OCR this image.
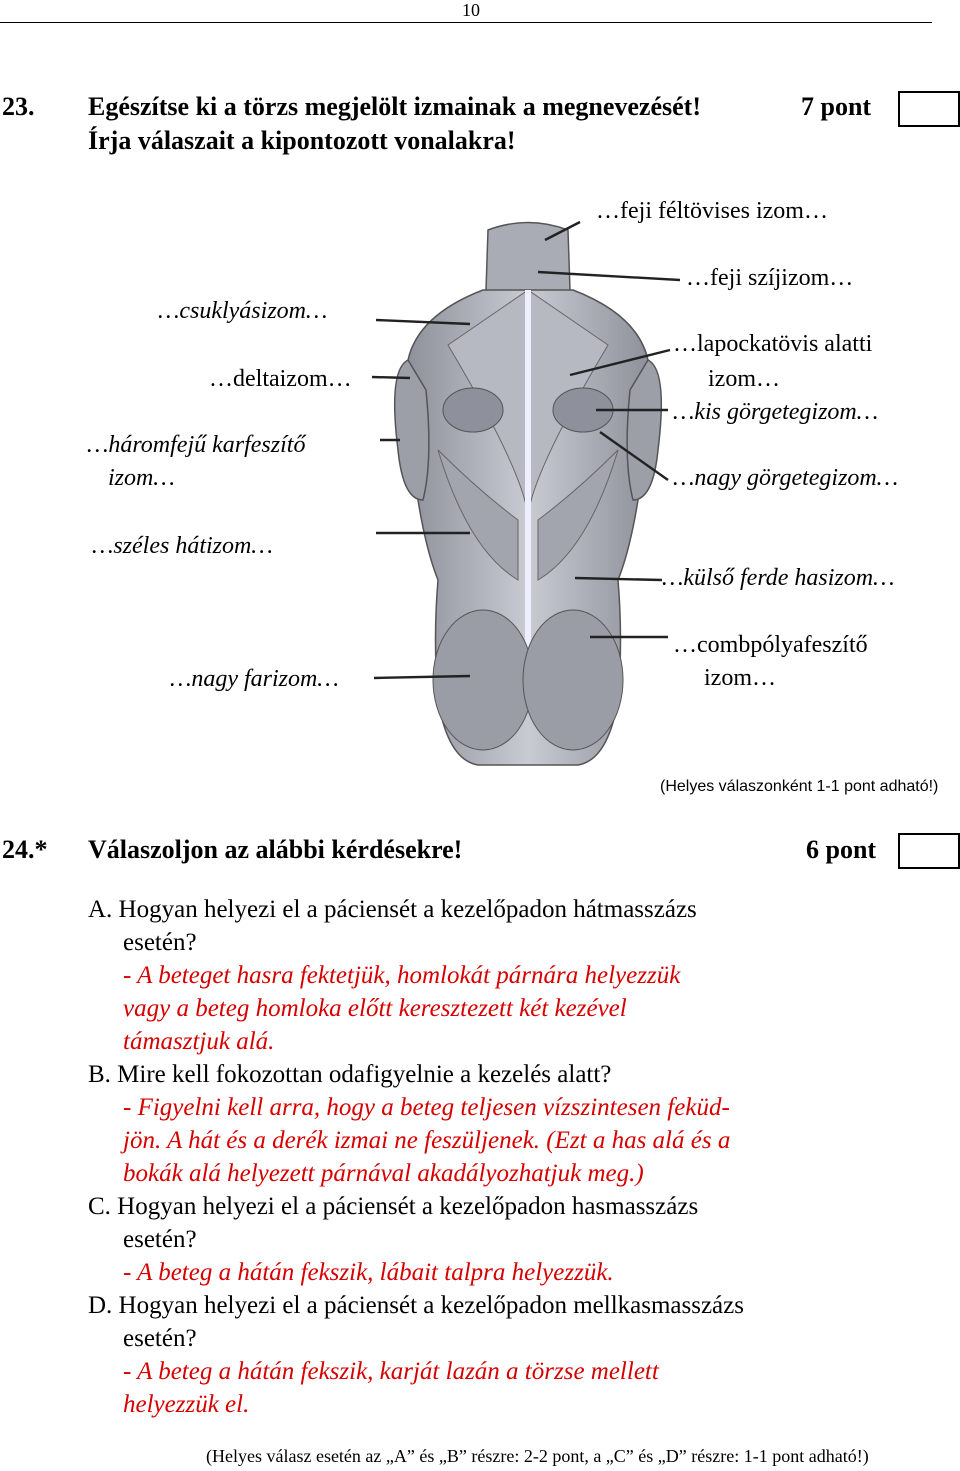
10
23. Egészítse ki a törzs megjelölt izmainak a megnevezését!	7 pont
Írja válaszait a kipontozott vonalakra!
…csuklyásizom…
…deltaizom…
…háromfejű karfeszítő
izom…
…széles hátizom…
…nagy farizom…
…feji féltövises izom…
…feji szíjizom…
…lapockatövis alatti
izom…
…kis görgetegizom…
…nagy görgetegizom…
…külső ferde hasizom…
…combpólyafeszítő
izom…
(Helyes válaszonként 1-1 pont adható!)
24.* Válaszoljon az alábbi kérdésekre!	6 pont
A. Hogyan helyezi el a páciensét a kezelőpadon hátmasszázs
esetén?
- A beteget hasra fektetjük, homlokát párnára helyezzük
vagy a beteg homloka előtt keresztezett két kezével
támasztjuk alá.
B. Mire kell fokozottan odafigyelnie a kezelés alatt?
- Figyelni kell arra, hogy a beteg teljesen vízszintesen feküd-
jön. A hát és a derék izmai ne feszüljenek. (Ezt a has alá és a
bokák alá helyezett párnával akadályozhatjuk meg.)
C. Hogyan helyezi el a páciensét a kezelőpadon hasmasszázs
esetén?
- A beteg a hátán fekszik, lábait talpra helyezzük.
D. Hogyan helyezi el a páciensét a kezelőpadon mellkasmasszázs
esetén?
- A beteg a hátán fekszik, karját lazán a törzse mellett
helyezzük el.
(Helyes válasz esetén az „A” és „B” részre: 2-2 pont, a „C” és „D” részre: 1-1 pont adható!)
